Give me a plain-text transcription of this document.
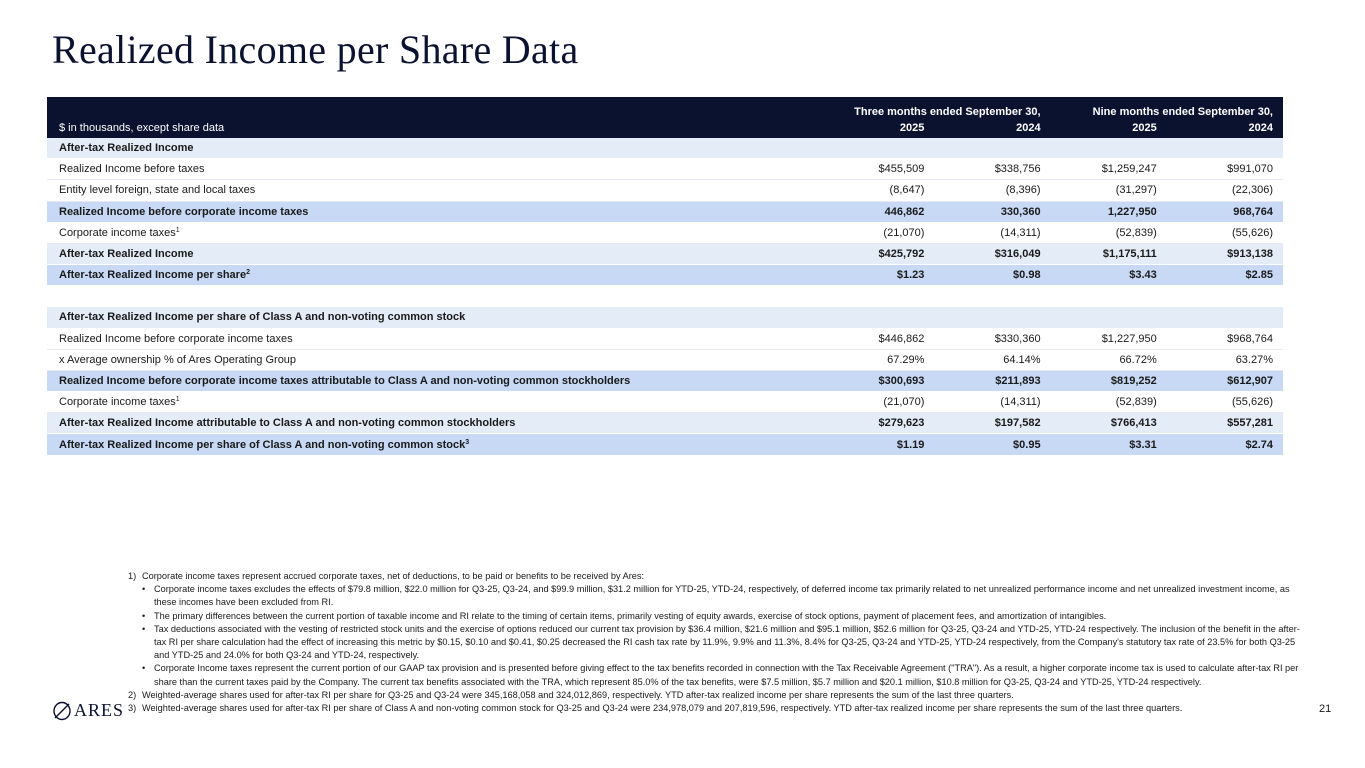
Realized Income per Share Data
	Three months ended September 30,		Nine months ended September 30,	
$ in thousands, except share data	2025	2024	2025	2024
After-tax Realized Income				
Realized Income before taxes	$455,509	$338,756	$1,259,247	$991,070
Entity level foreign, state and local taxes	(8,647)	(8,396)	(31,297)	(22,306)
Realized Income before corporate income taxes	446,862	330,360	1,227,950	968,764
Corporate income taxes$^1$	(21,070)	(14,311)	(52,839)	(55,626)
After-tax Realized Income	$425,792	$316,049	$1,175,111	$913,138
After-tax Realized Income per share$^2$	$1.23	$0.98	$3.43	$2.85

After-tax Realized Income per share of Class A and non-voting common stock				
Realized Income before corporate income taxes	$446,862	$330,360	$1,227,950	$968,764
x Average ownership % of Ares Operating Group	67.29%	64.14%	66.72%	63.27%
Realized Income before corporate income taxes attributable to Class A and non-voting common stockholders	$300,693	$211,893	$819,252	$612,907
Corporate income taxes$^1$	(21,070)	(14,311)	(52,839)	(55,626)
After-tax Realized Income attributable to Class A and non-voting common stockholders	$279,623	$197,582	$766,413	$557,281
After-tax Realized Income per share of Class A and non-voting common stock$^3$	$1.19	$0.95	$3.31	$2.74
1) Corporate income taxes represent accrued corporate taxes, net of deductions, to be paid or benefits to be received by Ares:
• Corporate income taxes excludes the effects of $79.8 million, $22.0 million for Q3-25, Q3-24, and $99.9 million, $31.2 million for YTD-25, YTD-24, respectively, of deferred income tax primarily related to net unrealized performance income and net unrealized investment income, as these incomes have been excluded from RI.
• The primary differences between the current portion of taxable income and RI relate to the timing of certain items, primarily vesting of equity awards, exercise of stock options, payment of placement fees, and amortization of intangibles.
• Tax deductions associated with the vesting of restricted stock units and the exercise of options reduced our current tax provision by $36.4 million, $21.6 million and $95.1 million, $52.6 million for Q3-25, Q3-24 and YTD-25, YTD-24 respectively. The inclusion of the benefit in the after-tax RI per share calculation had the effect of increasing this metric by $0.15, $0.10 and $0.41, $0.25 decreased the RI cash tax rate by 11.9%, 9.9% and 11.3%, 8.4% for Q3-25, Q3-24 and YTD-25, YTD-24 respectively, from the Company's statutory tax rate of 23.5% for both Q3-25 and YTD-25 and 24.0% for both Q3-24 and YTD-24, respectively.
• Corporate Income taxes represent the current portion of our GAAP tax provision and is presented before giving effect to the tax benefits recorded in connection with the Tax Receivable Agreement ("TRA"). As a result, a higher corporate income tax is used to calculate after-tax RI per share than the current taxes paid by the Company. The current tax benefits associated with the TRA, which represent 85.0% of the tax benefits, were $7.5 million, $5.7 million and $20.1 million, $10.8 million for Q3-25, Q3-24 and YTD-25, YTD-24 respectively.
2) Weighted-average shares used for after-tax RI per share for Q3-25 and Q3-24 were 345,168,058 and 324,012,869, respectively. YTD after-tax realized income per share represents the sum of the last three quarters.
3) Weighted-average shares used for after-tax RI per share of Class A and non-voting common stock for Q3-25 and Q3-24 were 234,978,079 and 207,819,596, respectively. YTD after-tax realized income per share represents the sum of the last three quarters.
ARES	21
